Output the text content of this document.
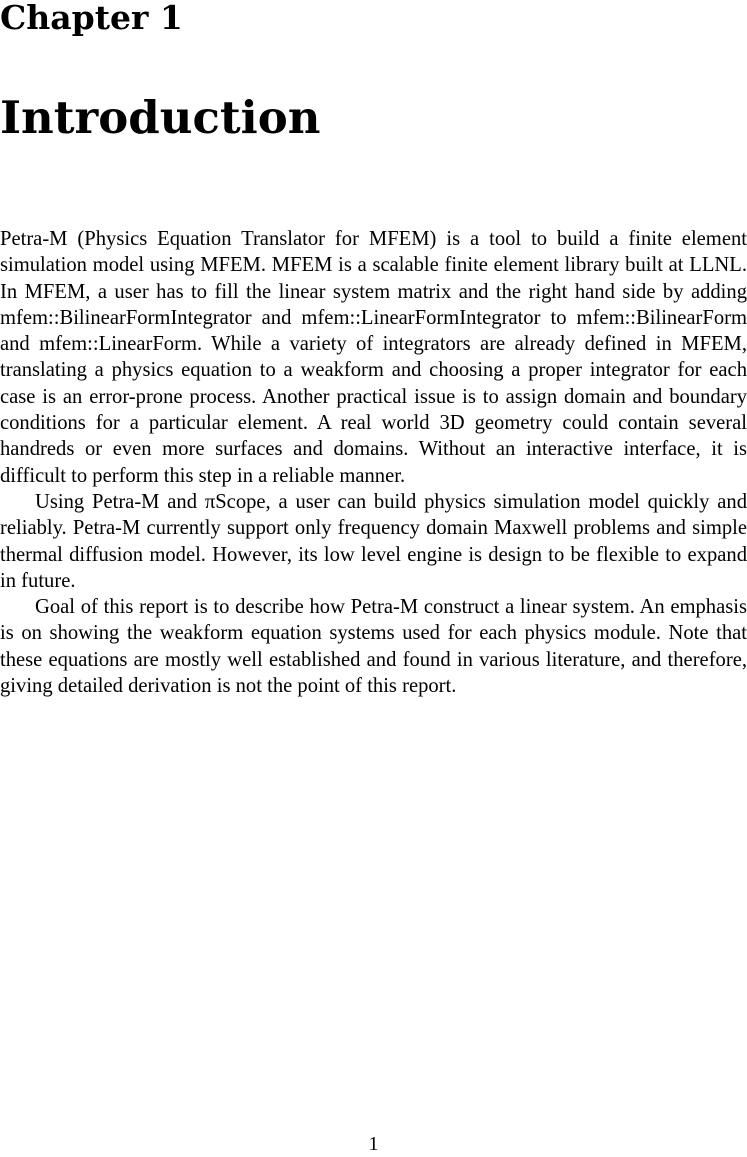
Chapter 1
Introduction

Petra-M (Physics Equation Translator for MFEM) is a tool to build a finite element simulation model using MFEM. MFEM is a scalable finite element library built at LLNL. In MFEM, a user has to fill the linear system matrix and the right hand side by adding mfem::BilinearFormIntegrator and mfem::LinearFormIntegrator to mfem::BilinearForm and mfem::LinearForm. While a variety of integrators are already defined in MFEM, translating a physics equation to a weakform and choosing a proper integrator for each case is an error-prone process. Another practical issue is to assign domain and boundary conditions for a particular element. A real world 3D geometry could contain several handreds or even more surfaces and domains. Without an interactive interface, it is difficult to perform this step in a reliable manner.

Using Petra-M and πScope, a user can build physics simulation model quickly and reliably. Petra-M currently support only frequency domain Maxwell problems and simple thermal diffusion model. However, its low level engine is design to be flexible to expand in future.

Goal of this report is to describe how Petra-M construct a linear system. An emphasis is on showing the weakform equation systems used for each physics module. Note that these equations are mostly well established and found in various literature, and therefore, giving detailed derivation is not the point of this report.

1
